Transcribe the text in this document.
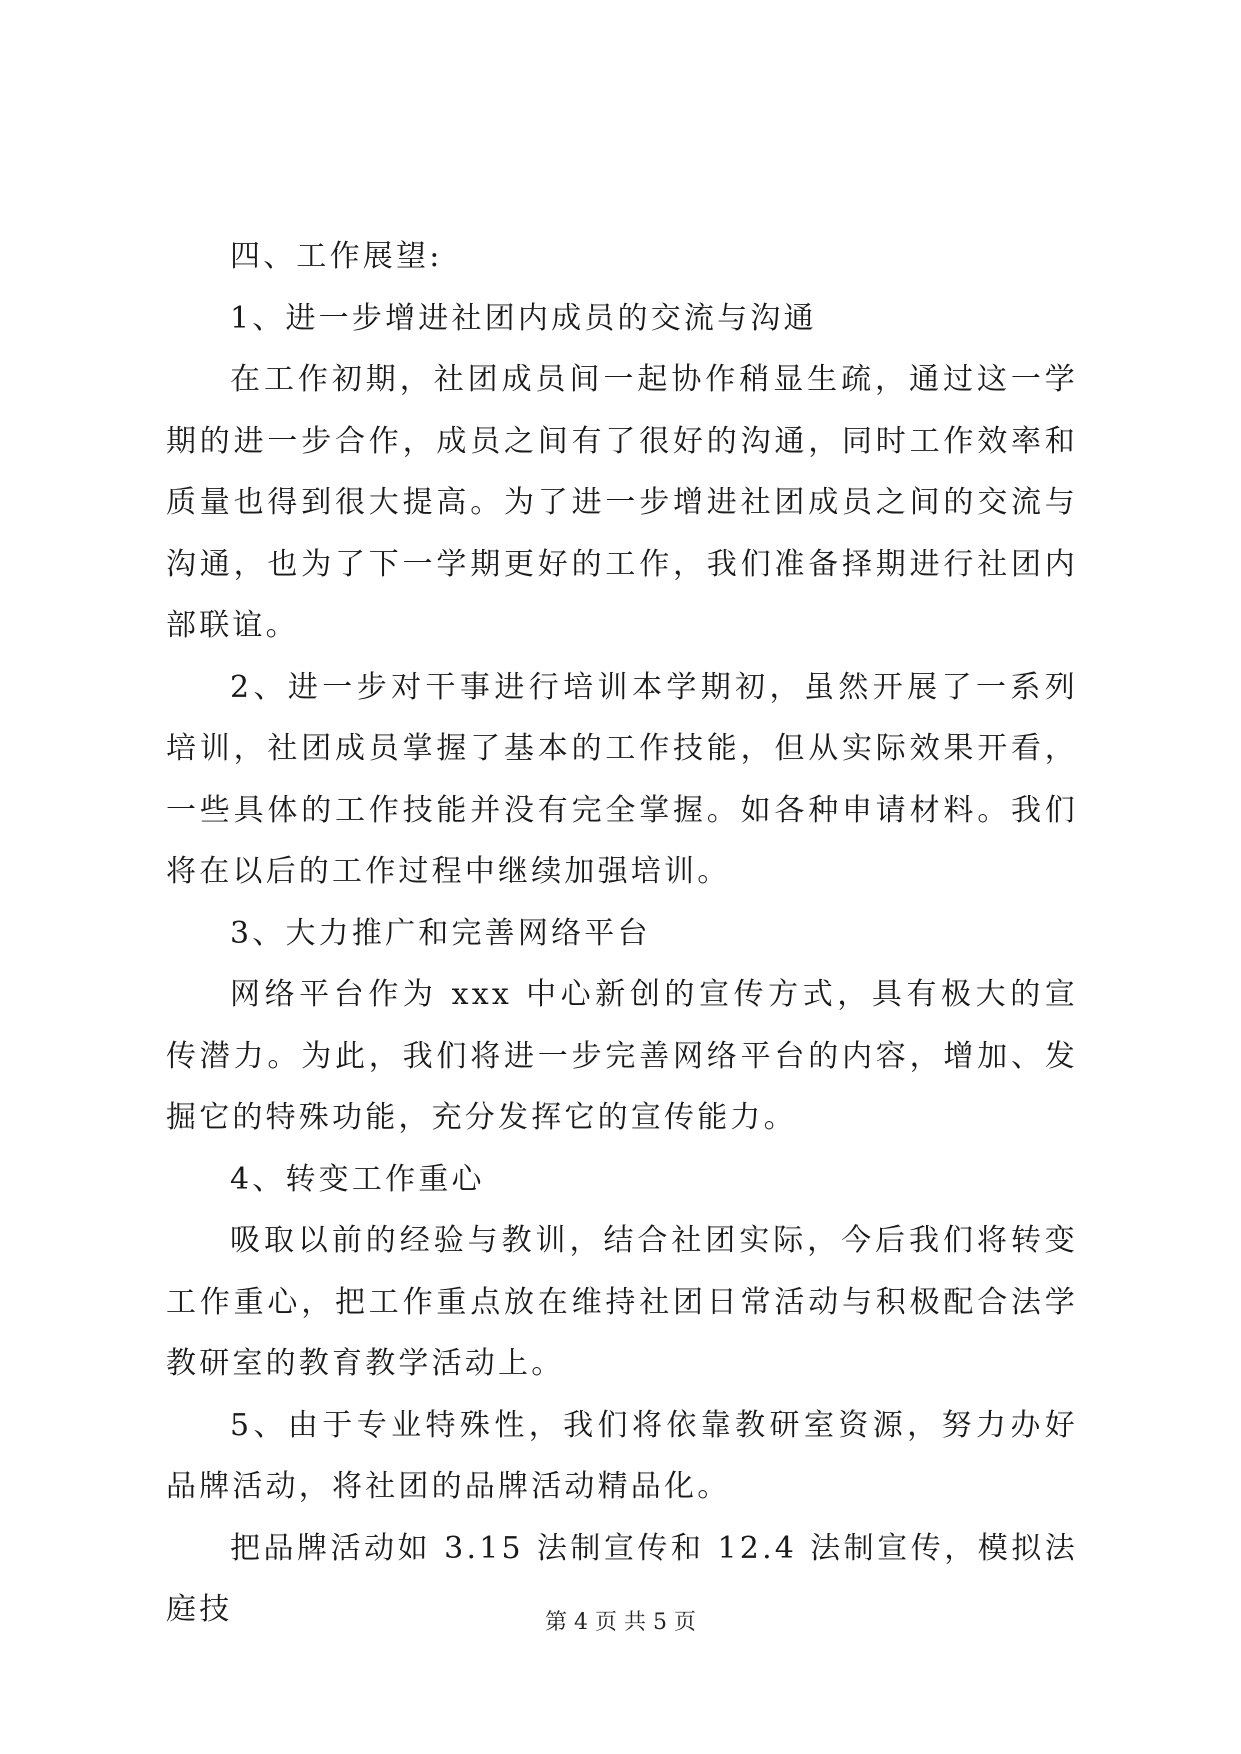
四、工作展望:

1、进一步增进社团内成员的交流与沟通

在工作初期，社团成员间一起协作稍显生疏，通过这一学期的进一步合作，成员之间有了很好的沟通，同时工作效率和质量也得到很大提高。为了进一步增进社团成员之间的交流与沟通，也为了下一学期更好的工作，我们准备择期进行社团内部联谊。

2、进一步对干事进行培训本学期初，虽然开展了一系列培训，社团成员掌握了基本的工作技能，但从实际效果开看，一些具体的工作技能并没有完全掌握。如各种申请材料。我们将在以后的工作过程中继续加强培训。

3、大力推广和完善网络平台

网络平台作为 xxx 中心新创的宣传方式，具有极大的宣传潜力。为此，我们将进一步完善网络平台的内容，增加、发掘它的特殊功能，充分发挥它的宣传能力。

4、转变工作重心

吸取以前的经验与教训，结合社团实际，今后我们将转变工作重心，把工作重点放在维持社团日常活动与积极配合法学教研室的教育教学活动上。

5、由于专业特殊性，我们将依靠教研室资源，努力办好品牌活动，将社团的品牌活动精品化。

把品牌活动如 3.15 法制宣传和 12.4 法制宣传，模拟法庭技	第 4 页 共 5 页
